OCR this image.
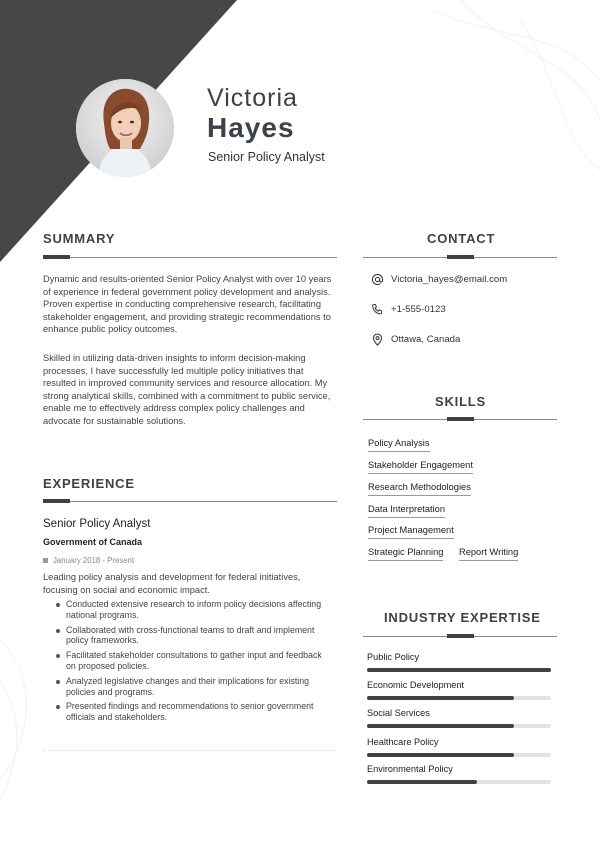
Victoria
Hayes
Senior Policy Analyst
SUMMARY
Dynamic and results-oriented Senior Policy Analyst with over 10 years of experience in federal government policy development and analysis. Proven expertise in conducting comprehensive research, facilitating stakeholder engagement, and providing strategic recommendations to enhance public policy outcomes.
Skilled in utilizing data-driven insights to inform decision-making processes, I have successfully led multiple policy initiatives that resulted in improved community services and resource allocation. My strong analytical skills, combined with a commitment to public service, enable me to effectively address complex policy challenges and advocate for sustainable solutions.
CONTACT
Victoria_hayes@email.com
+1-555-0123
Ottawa, Canada
SKILLS
Policy Analysis
Stakeholder Engagement
Research Methodologies
Data Interpretation
Project Management
Strategic Planning Report Writing
EXPERIENCE
Senior Policy Analyst
Government of Canada
January 2018 - Present
Leading policy analysis and development for federal initiatives, focusing on social and economic impact.
Conducted extensive research to inform policy decisions affecting national programs.
Collaborated with cross-functional teams to draft and implement policy frameworks.
Facilitated stakeholder consultations to gather input and feedback on proposed policies.
Analyzed legislative changes and their implications for existing policies and programs.
Presented findings and recommendations to senior government officials and stakeholders.
INDUSTRY EXPERTISE
Public Policy
Economic Development
Social Services
Healthcare Policy
Environmental Policy
